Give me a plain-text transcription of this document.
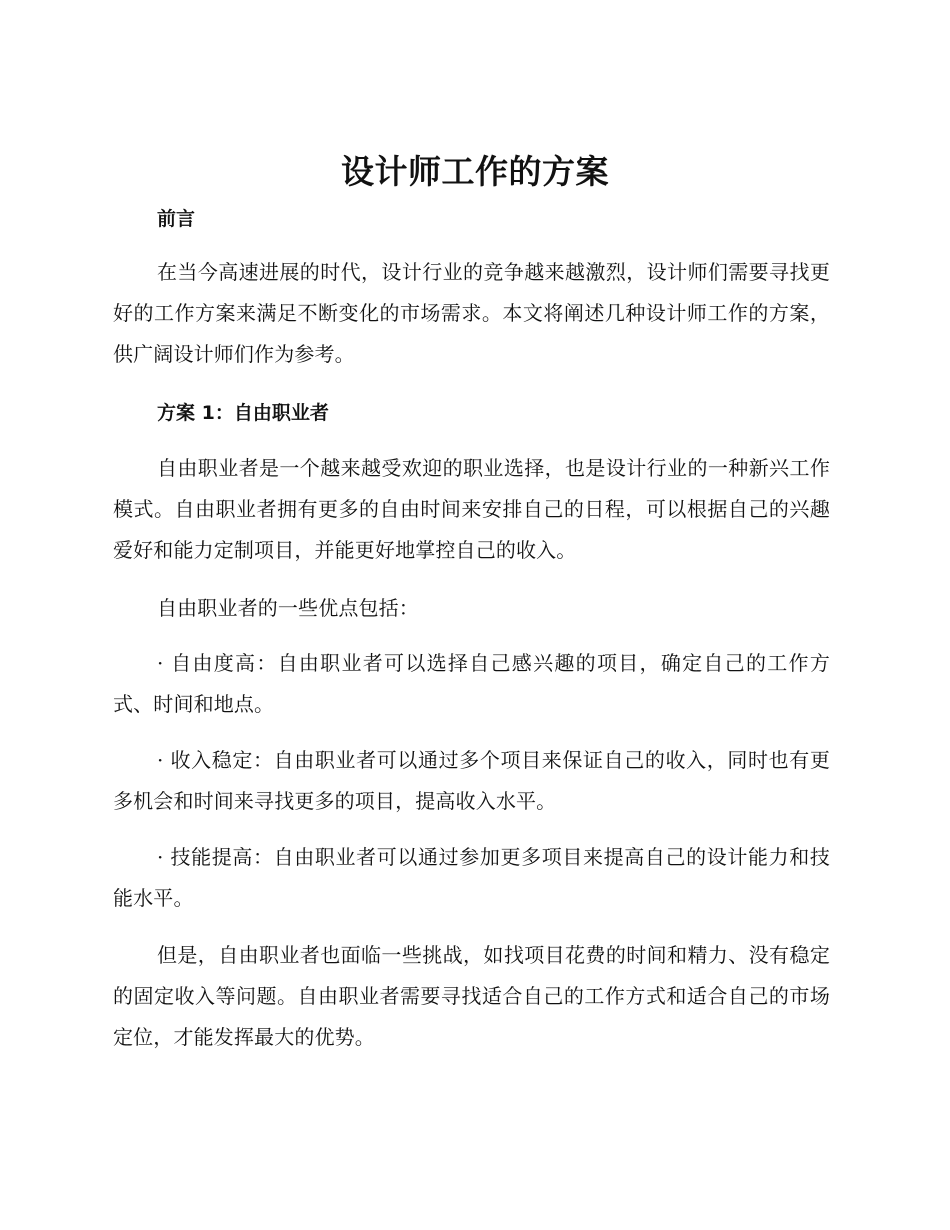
设计师工作的方案
前言

在当今高速进展的时代，设计行业的竞争越来越激烈，设计师们需要寻找更好的工作方案来满足不断变化的市场需求。本文将阐述几种设计师工作的方案，供广阔设计师们作为参考。

方案 1：自由职业者

自由职业者是一个越来越受欢迎的职业选择，也是设计行业的一种新兴工作模式。自由职业者拥有更多的自由时间来安排自己的日程，可以根据自己的兴趣爱好和能力定制项目，并能更好地掌控自己的收入。

自由职业者的一些优点包括：

· 自由度高：自由职业者可以选择自己感兴趣的项目，确定自己的工作方式、时间和地点。

· 收入稳定：自由职业者可以通过多个项目来保证自己的收入，同时也有更多机会和时间来寻找更多的项目，提高收入水平。

· 技能提高：自由职业者可以通过参加更多项目来提高自己的设计能力和技能水平。

但是，自由职业者也面临一些挑战，如找项目花费的时间和精力、没有稳定的固定收入等问题。自由职业者需要寻找适合自己的工作方式和适合自己的市场定位，才能发挥最大的优势。
